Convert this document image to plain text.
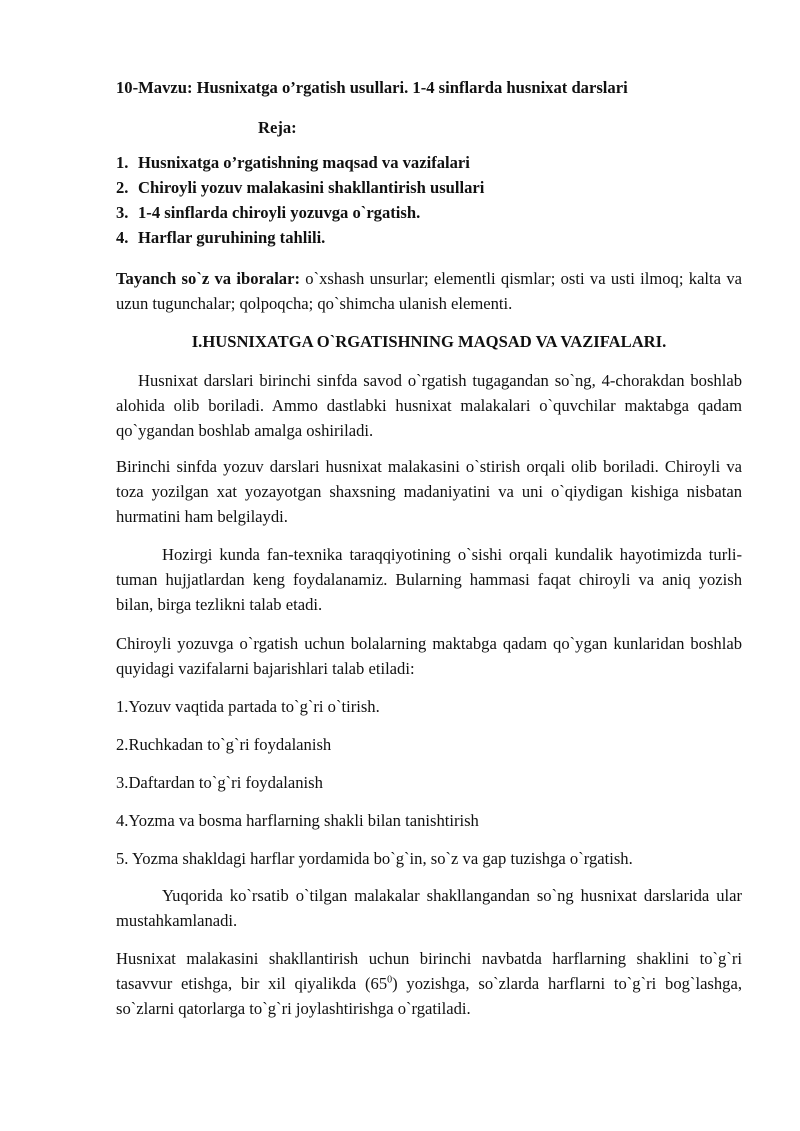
10-Mavzu: Husnixatga o’rgatish usullari. 1-4 sinflarda husnixat darslari

Reja:

1. Husnixatga o’rgatishning maqsad va vazifalari
2. Chiroyli yozuv malakasini shakllantirish usullari
3. 1-4 sinflarda chiroyli yozuvga o`rgatish.
4. Harflar guruhining tahlili.

Tayanch so`z va iboralar: o`xshash unsurlar; elementli qismlar; osti va usti ilmoq; kalta va uzun tugunchalar; qolpoqcha; qo`shimcha ulanish elementi.

I.HUSNIXATGA O`RGATISHNING MAQSAD VA VAZIFALARI.

Husnixat darslari birinchi sinfda savod o`rgatish tugagandan so`ng, 4-chorakdan boshlab alohida olib boriladi. Ammo dastlabki husnixat malakalari o`quvchilar maktabga qadam qo`ygandan boshlab amalga oshiriladi.

Birinchi sinfda yozuv darslari husnixat malakasini o`stirish orqali olib boriladi. Chiroyli va toza yozilgan xat yozayotgan shaxsning madaniyatini va uni o`qiydigan kishiga nisbatan hurmatini ham belgilaydi.

Hozirgi kunda fan-texnika taraqqiyotining o`sishi orqali kundalik hayotimizda turli-tuman hujjatlardan keng foydalanamiz. Bularning hammasi faqat chiroyli va aniq yozish bilan, birga tezlikni talab etadi.

Chiroyli yozuvga o`rgatish uchun bolalarning maktabga qadam qo`ygan kunlaridan boshlab quyidagi vazifalarni bajarishlari talab etiladi:

1.Yozuv vaqtida partada to`g`ri o`tirish.

2.Ruchkadan to`g`ri foydalanish

3.Daftardan to`g`ri foydalanish

4.Yozma va bosma harflarning shakli bilan tanishtirish

5. Yozma shakldagi harflar yordamida bo`g`in, so`z va gap tuzishga o`rgatish.

Yuqorida ko`rsatib o`tilgan malakalar shakllangandan so`ng husnixat darslarida ular mustahkamlanadi.

Husnixat malakasini shakllantirish uchun birinchi navbatda harflarning shaklini to`g`ri tasavvur etishga, bir xil qiyalikda $(65^0)$ yozishga, so`zlarda harflarni to`g`ri bog`lashga, so`zlarni qatorlarga to`g`ri joylashtirishga o`rgatiladi.
